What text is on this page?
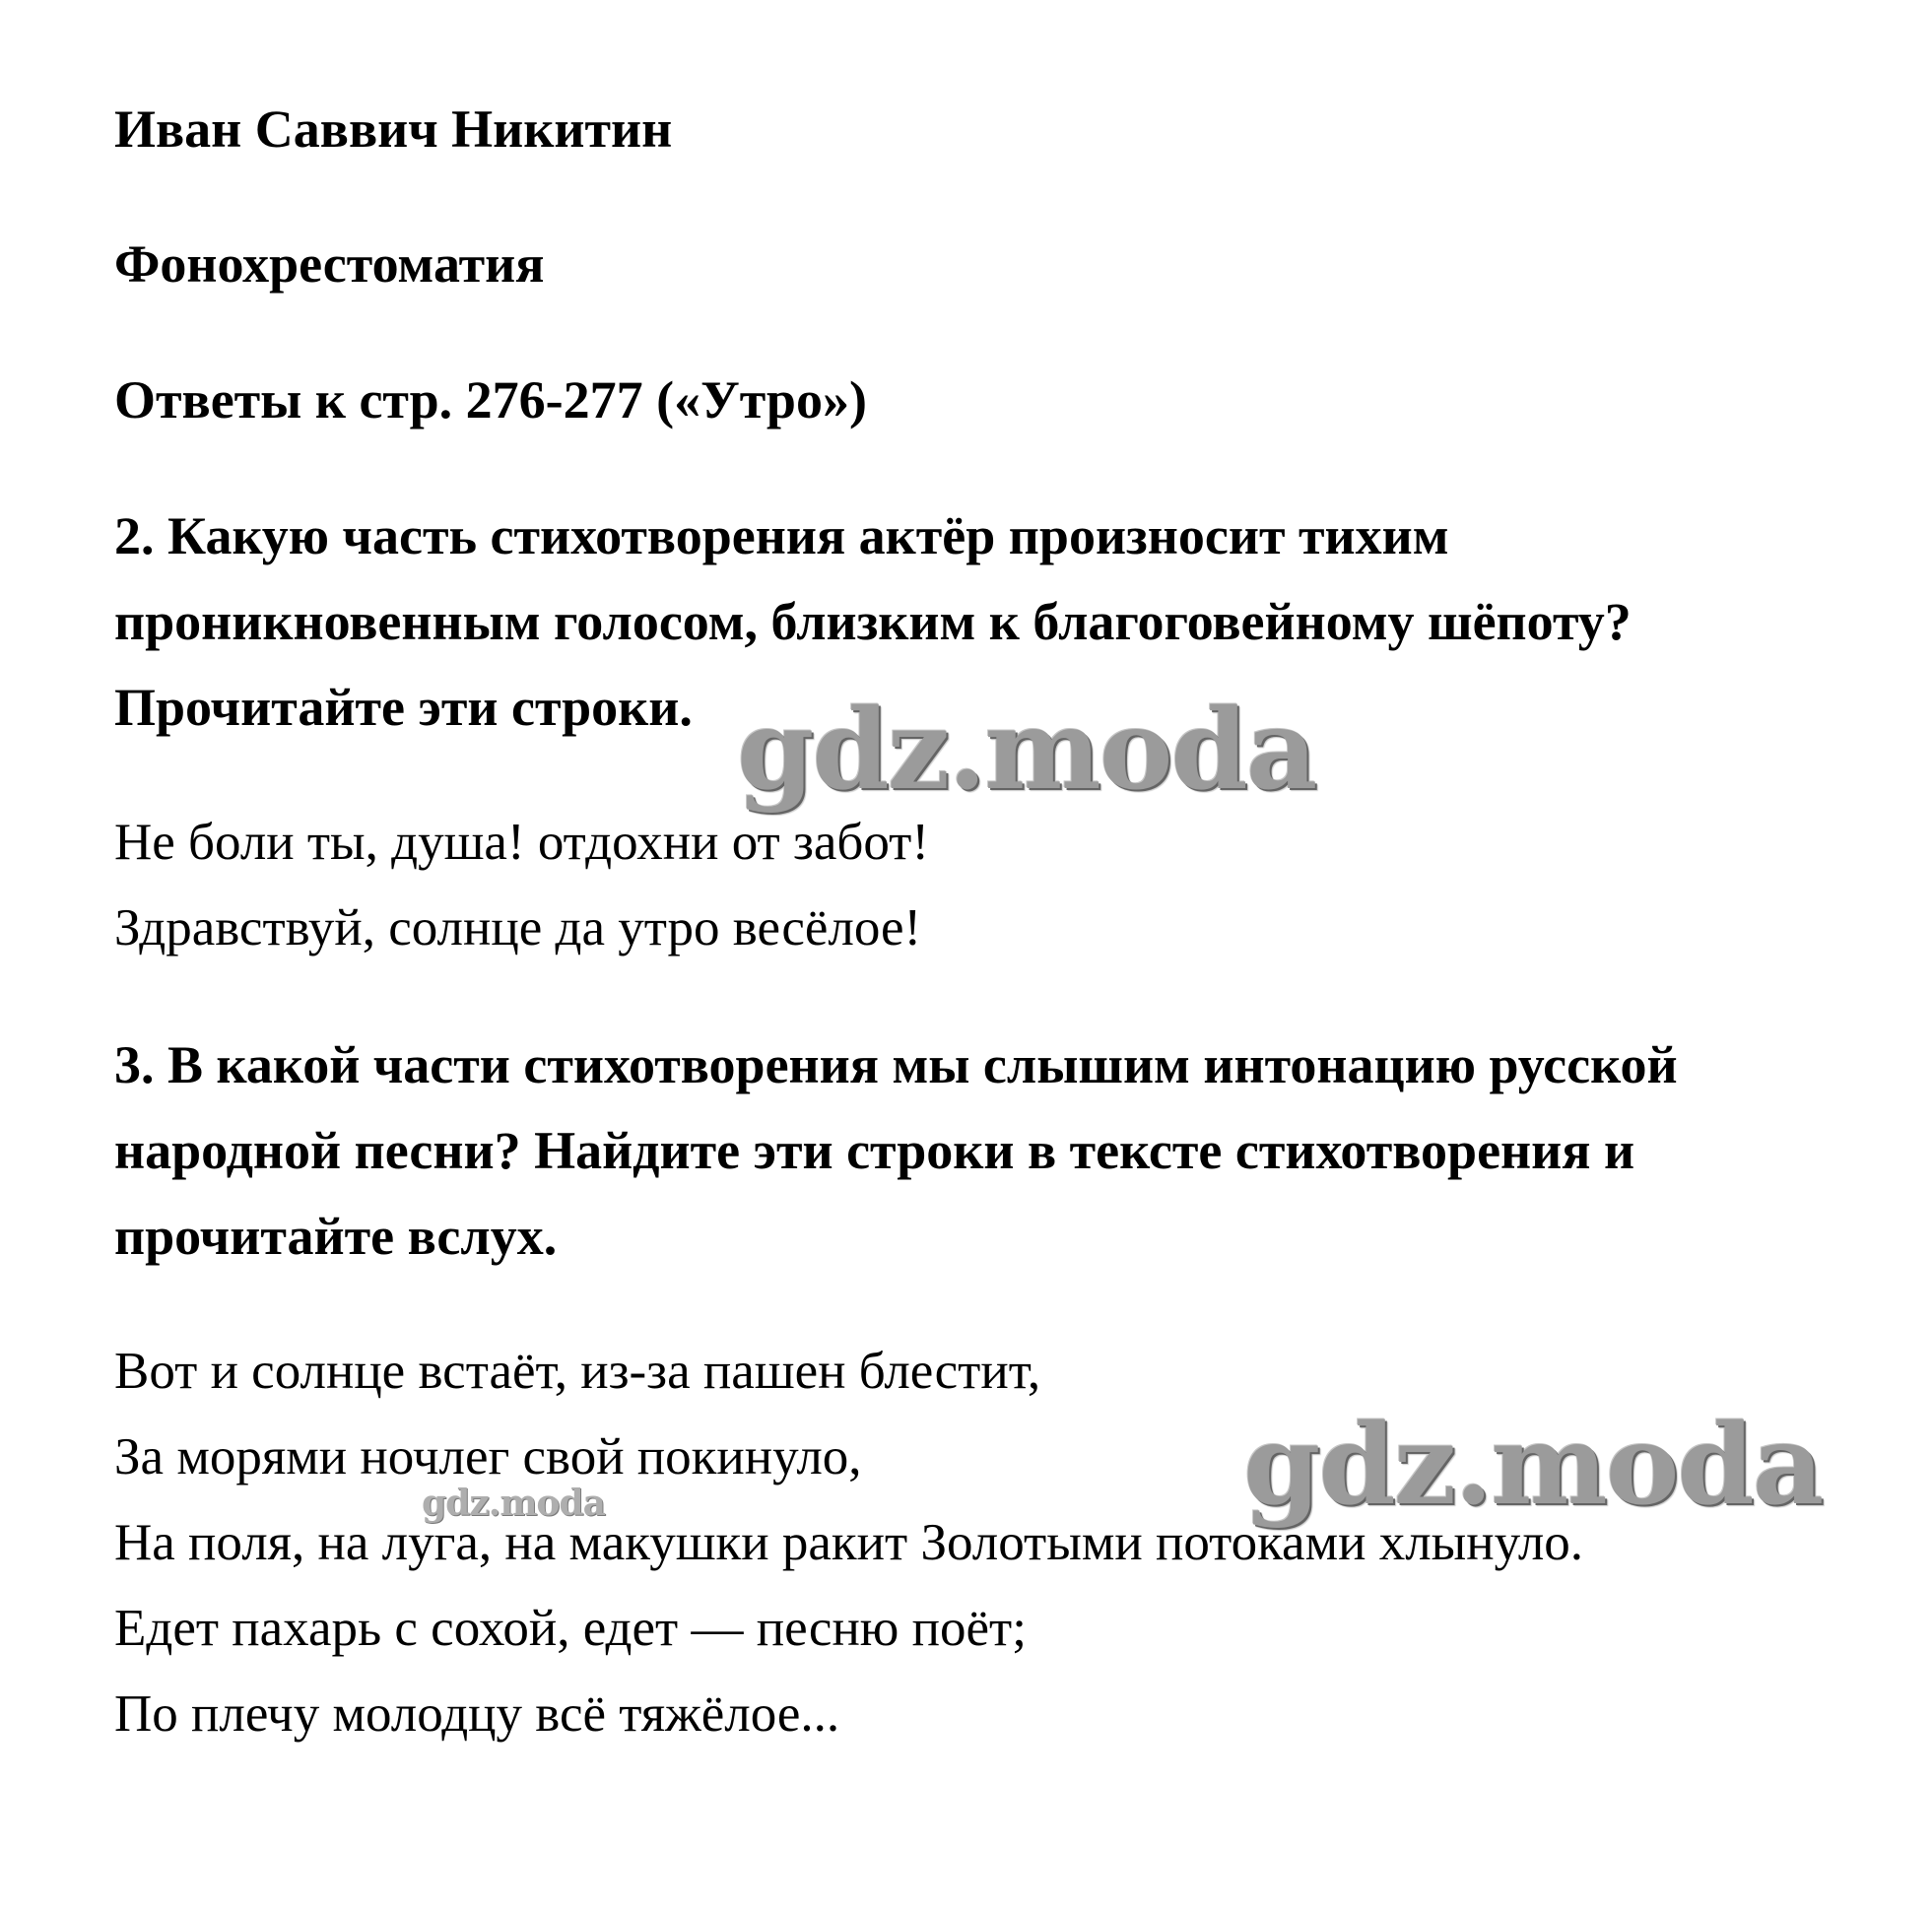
Иван Саввич Никитин
Фонохрестоматия
Ответы к стр. 276-277 («Утро»)
2. Какую часть стихотворения актёр произносит тихим
проникновенным голосом, близким к благоговейному шёпоту?
Прочитайте эти строки.
Не боли ты, душа! отдохни от забот!
Здравствуй, солнце да утро весёлое!
3. В какой части стихотворения мы слышим интонацию русской
народной песни? Найдите эти строки в тексте стихотворения и
прочитайте вслух.
Вот и солнце встаёт, из-за пашен блестит,
За морями ночлег свой покинуло,
На поля, на луга, на макушки ракит Золотыми потоками хлынуло.
Едет пахарь с сохой, едет — песню поёт;
По плечу молодцу всё тяжёлое...
gdz.moda
gdz.moda
gdz.moda
